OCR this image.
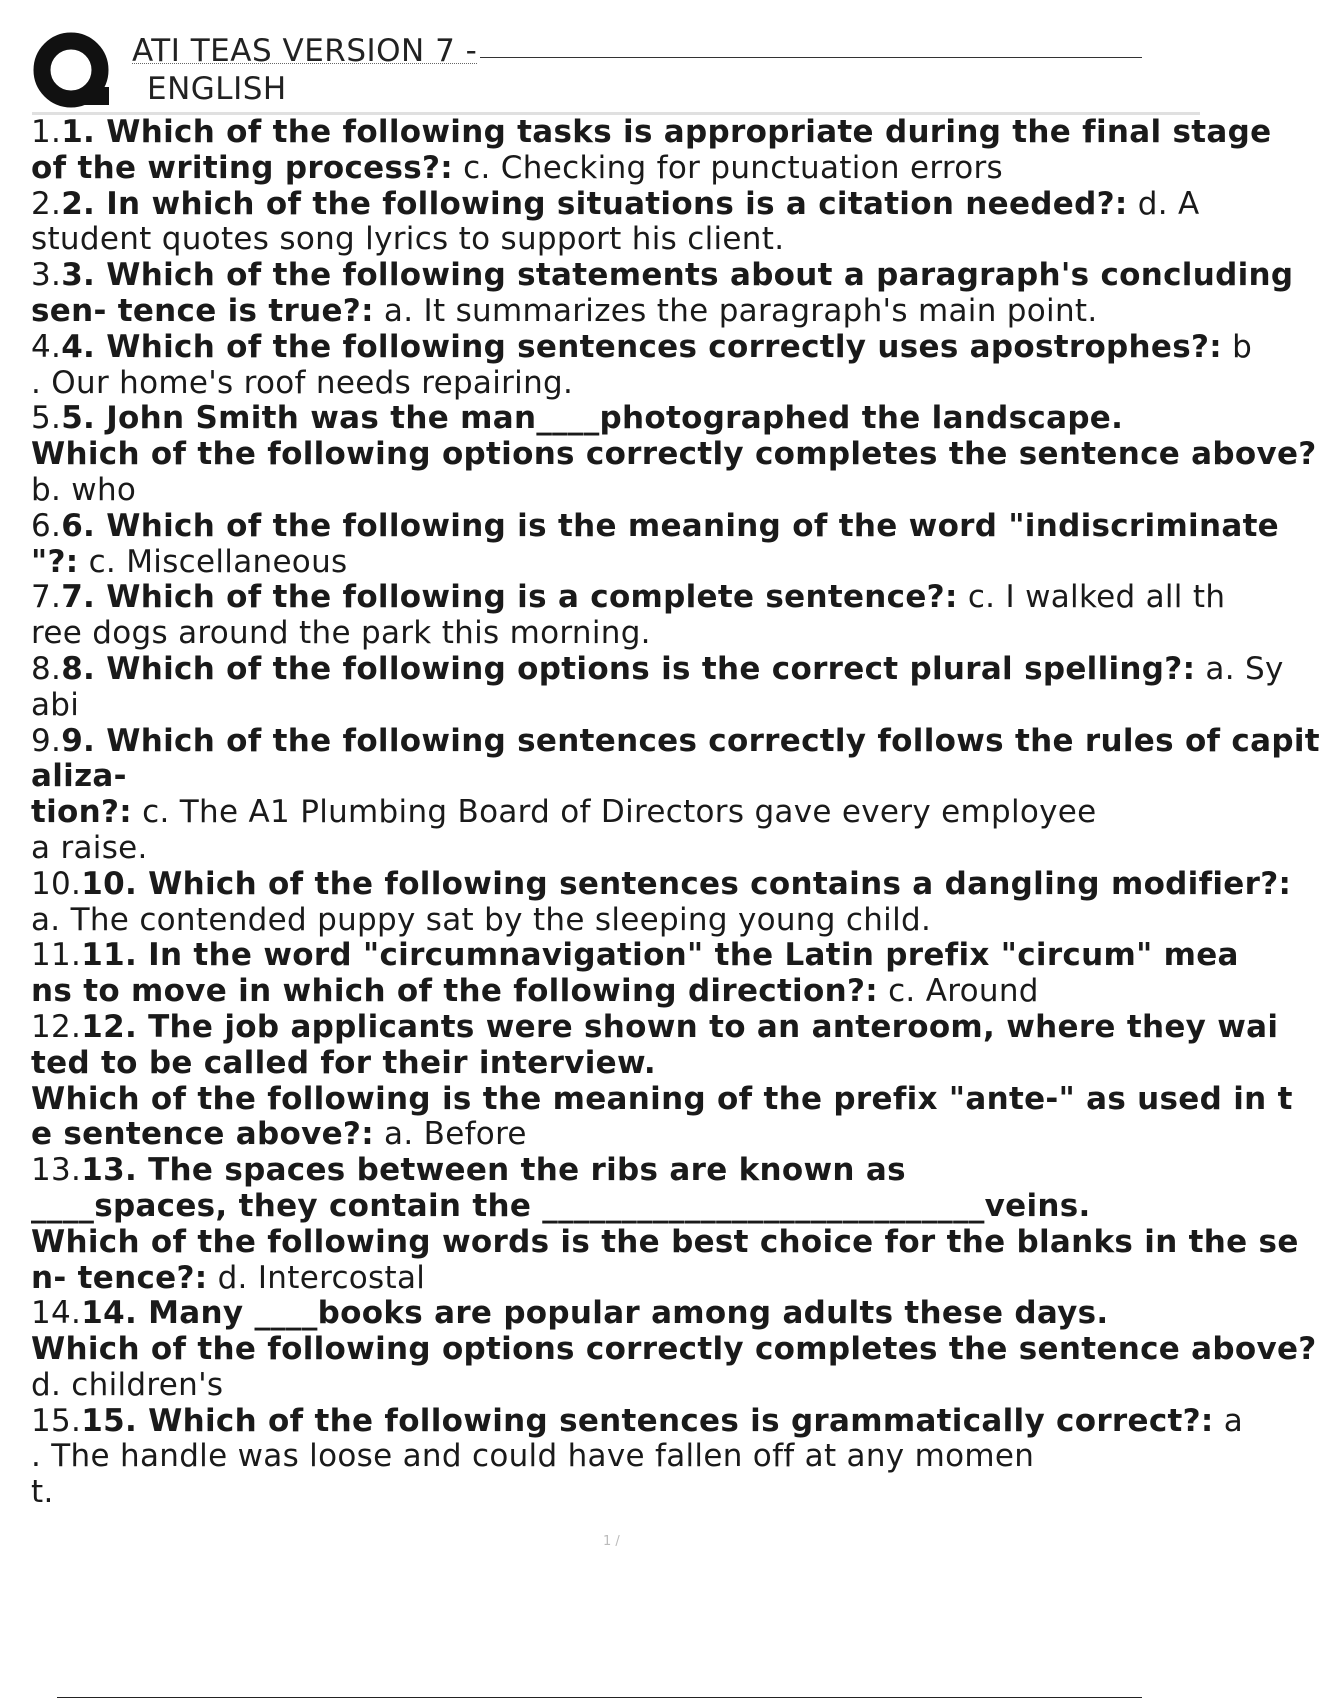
ATI TEAS VERSION 7 -
ENGLISH
1.1. Which of the following tasks is appropriate during the final stage
of the writing process?: c. Checking for punctuation errors
2.2. In which of the following situations is a citation needed?: d. A
student quotes song lyrics to support his client.
3.3. Which of the following statements about a paragraph's concluding
sen- tence is true?: a. It summarizes the paragraph's main point.
4.4. Which of the following sentences correctly uses apostrophes?: b
. Our home's roof needs repairing.
5.5. John Smith was the man____photographed the landscape.
Which of the following options correctly completes the sentence above?
b. who
6.6. Which of the following is the meaning of the word "indiscriminate
"?: c. Miscellaneous
7.7. Which of the following is a complete sentence?: c. I walked all th
ree dogs around the park this morning.
8.8. Which of the following options is the correct plural spelling?: a. Sy
abi
9.9. Which of the following sentences correctly follows the rules of capit
aliza-
tion?: c. The A1 Plumbing Board of Directors gave every employee
a raise.
10.10. Which of the following sentences contains a dangling modifier?:
a. The contended puppy sat by the sleeping young child.
11.11. In the word "circumnavigation" the Latin prefix "circum" mea
ns to move in which of the following direction?: c. Around
12.12. The job applicants were shown to an anteroom, where they wai
ted to be called for their interview.
Which of the following is the meaning of the prefix "ante-" as used in t
e sentence above?: a. Before
13.13. The spaces between the ribs are known as
____spaces, they contain the ____________________________veins.
Which of the following words is the best choice for the blanks in the se
n- tence?: d. Intercostal
14.14. Many ____books are popular among adults these days.
Which of the following options correctly completes the sentence above?
d. children's
15.15. Which of the following sentences is grammatically correct?: a
. The handle was loose and could have fallen off at any momen
t.
1 /
